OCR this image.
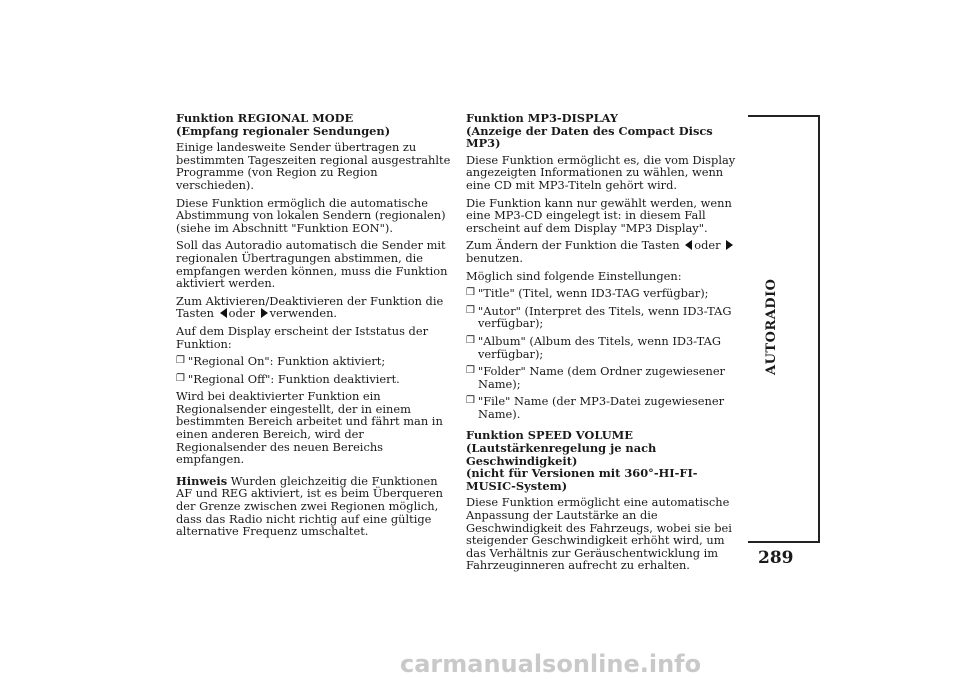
Funktion REGIONAL MODE
(Empfang regionaler Sendungen)

Einige landesweite Sender übertragen zu bestimmten Tageszeiten regional ausgestrahlte Programme (von Region zu Region verschieden).

Diese Funktion ermöglich die automatische Abstimmung von lokalen Sendern (regionalen) (siehe im Abschnitt "Funktion EON").

Soll das Autoradio automatisch die Sender mit regionalen Übertragungen abstimmen, die empfangen werden können, muss die Funktion aktiviert werden.

Zum Aktivieren/Deaktivieren der Funktion die Tasten oder verwenden.

Auf dem Display erscheint der Iststatus der Funktion:

❒ "Regional On": Funktion aktiviert;
❒ "Regional Off": Funktion deaktiviert.

Wird bei deaktivierter Funktion ein Regionalsender eingestellt, der in einem bestimmten Bereich arbeitet und fährt man in einen anderen Bereich, wird der Regionalsender des neuen Bereichs empfangen.

Hinweis Wurden gleichzeitig die Funktionen AF und REG aktiviert, ist es beim Überqueren der Grenze zwischen zwei Regionen möglich, dass das Radio nicht richtig auf eine gültige alternative Frequenz umschaltet.

Funktion MP3-DISPLAY
(Anzeige der Daten des Compact Discs MP3)

Diese Funktion ermöglicht es, die vom Display angezeigten Informationen zu wählen, wenn eine CD mit MP3-Titeln gehört wird.

Die Funktion kann nur gewählt werden, wenn eine MP3-CD eingelegt ist: in diesem Fall erscheint auf dem Display "MP3 Display".

Zum Ändern der Funktion die Tasten oder benutzen.

Möglich sind folgende Einstellungen:

❒ "Title" (Titel, wenn ID3-TAG verfügbar);
❒ "Autor" (Interpret des Titels, wenn ID3-TAG verfügbar);
❒ "Album" (Album des Titels, wenn ID3-TAG verfügbar);
❒ "Folder" Name (dem Ordner zugewiesener Name);
❒ "File" Name (der MP3-Datei zugewiesener Name).
Funktion SPEED VOLUME
(Lautstärkenregelung je nach Geschwindigkeit)
(nicht für Versionen mit 360°-HI-FI-MUSIC-System)

Diese Funktion ermöglicht eine automatische Anpassung der Lautstärke an die Geschwindigkeit des Fahrzeugs, wobei sie bei steigender Geschwindigkeit erhöht wird, um das Verhältnis zur Geräuschentwicklung im Fahrzeuginneren aufrecht zu erhalten.

AUTORADIO
289
carmanualsonline.info
